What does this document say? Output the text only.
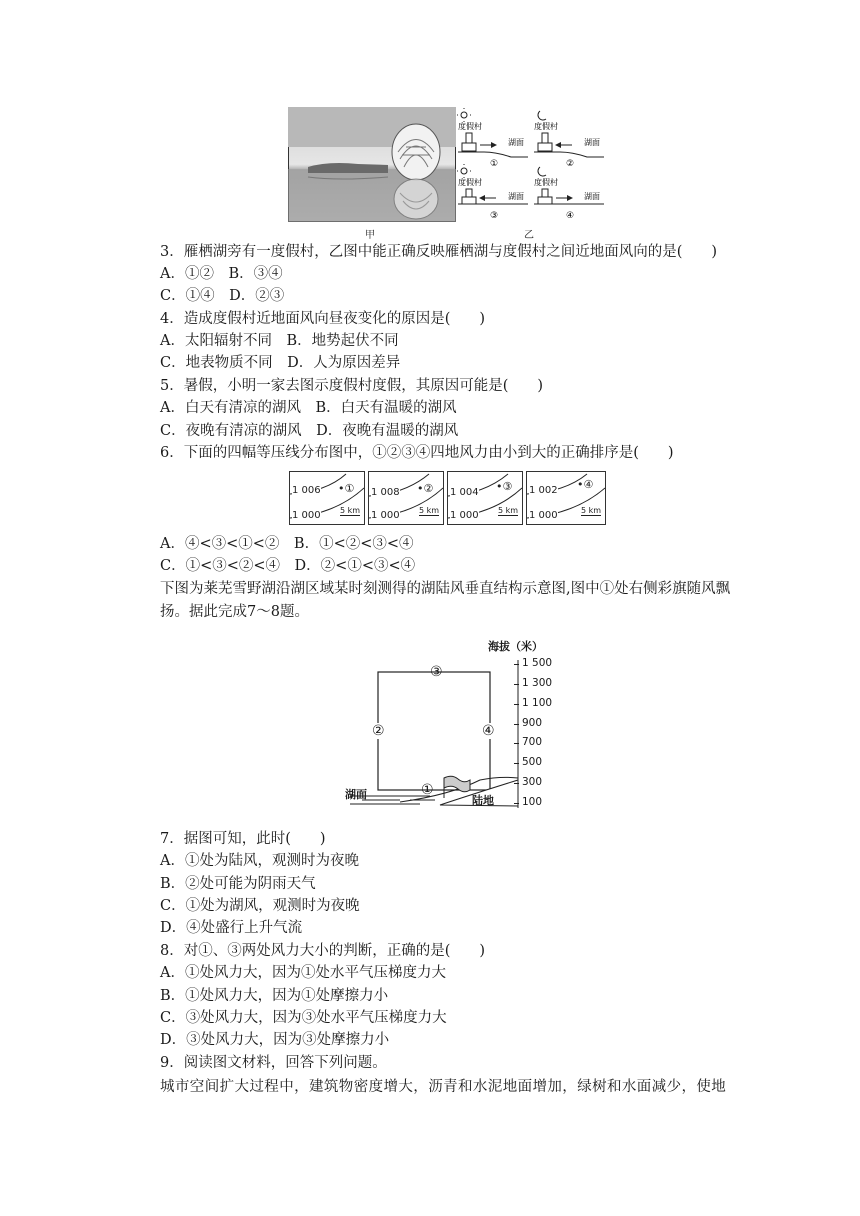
甲
度假村
湖面
①
度假村
湖面
②
度假村
湖面
③
度假村
湖面
④
乙
3．雁栖湖旁有一度假村，乙图中能正确反映雁栖湖与度假村之间近地面风向的是(　　)
A．①②　B．③④
C．①④　D．②③
4．造成度假村近地面风向昼夜变化的原因是(　　)
A．太阳辐射不同　B．地势起伏不同
C．地表物质不同　D．人为原因差异
5．暑假，小明一家去图示度假村度假，其原因可能是(　　)
A．白天有清凉的湖风　B．白天有温暖的湖风
C．夜晚有清凉的湖风　D．夜晚有温暖的湖风
6．下面的四幅等压线分布图中，①②③④四地风力由小到大的正确排序是(　　)
1 006
1 000
•①
5 km
1 008
1 000
•②
5 km
1 004
1 000
•③
5 km
1 002
1 000
•④
5 km
A．④<③<①<②　B．①<②<③<④
C．①<③<②<④　D．②<①<③<④
下图为莱芜雪野湖沿湖区域某时刻测得的湖陆风垂直结构示意图,图中①处右侧彩旗随风飘扬。据此完成7～8题。
海拔（米）
1 500
1 300
1 100
900
700
500
300
100
③
②	④
①
湖面	陆地
7．据图可知，此时(　　)
A．①处为陆风，观测时为夜晚
B．②处可能为阴雨天气
C．①处为湖风，观测时为夜晚
D．④处盛行上升气流
8．对①、③两处风力大小的判断，正确的是(　　)
A．①处风力大，因为①处水平气压梯度力大
B．①处风力大，因为①处摩擦力小
C．③处风力大，因为③处水平气压梯度力大
D．③处风力大，因为③处摩擦力小
9．阅读图文材料，回答下列问题。
城市空间扩大过程中，建筑物密度增大，沥青和水泥地面增加，绿树和水面减少，使地
